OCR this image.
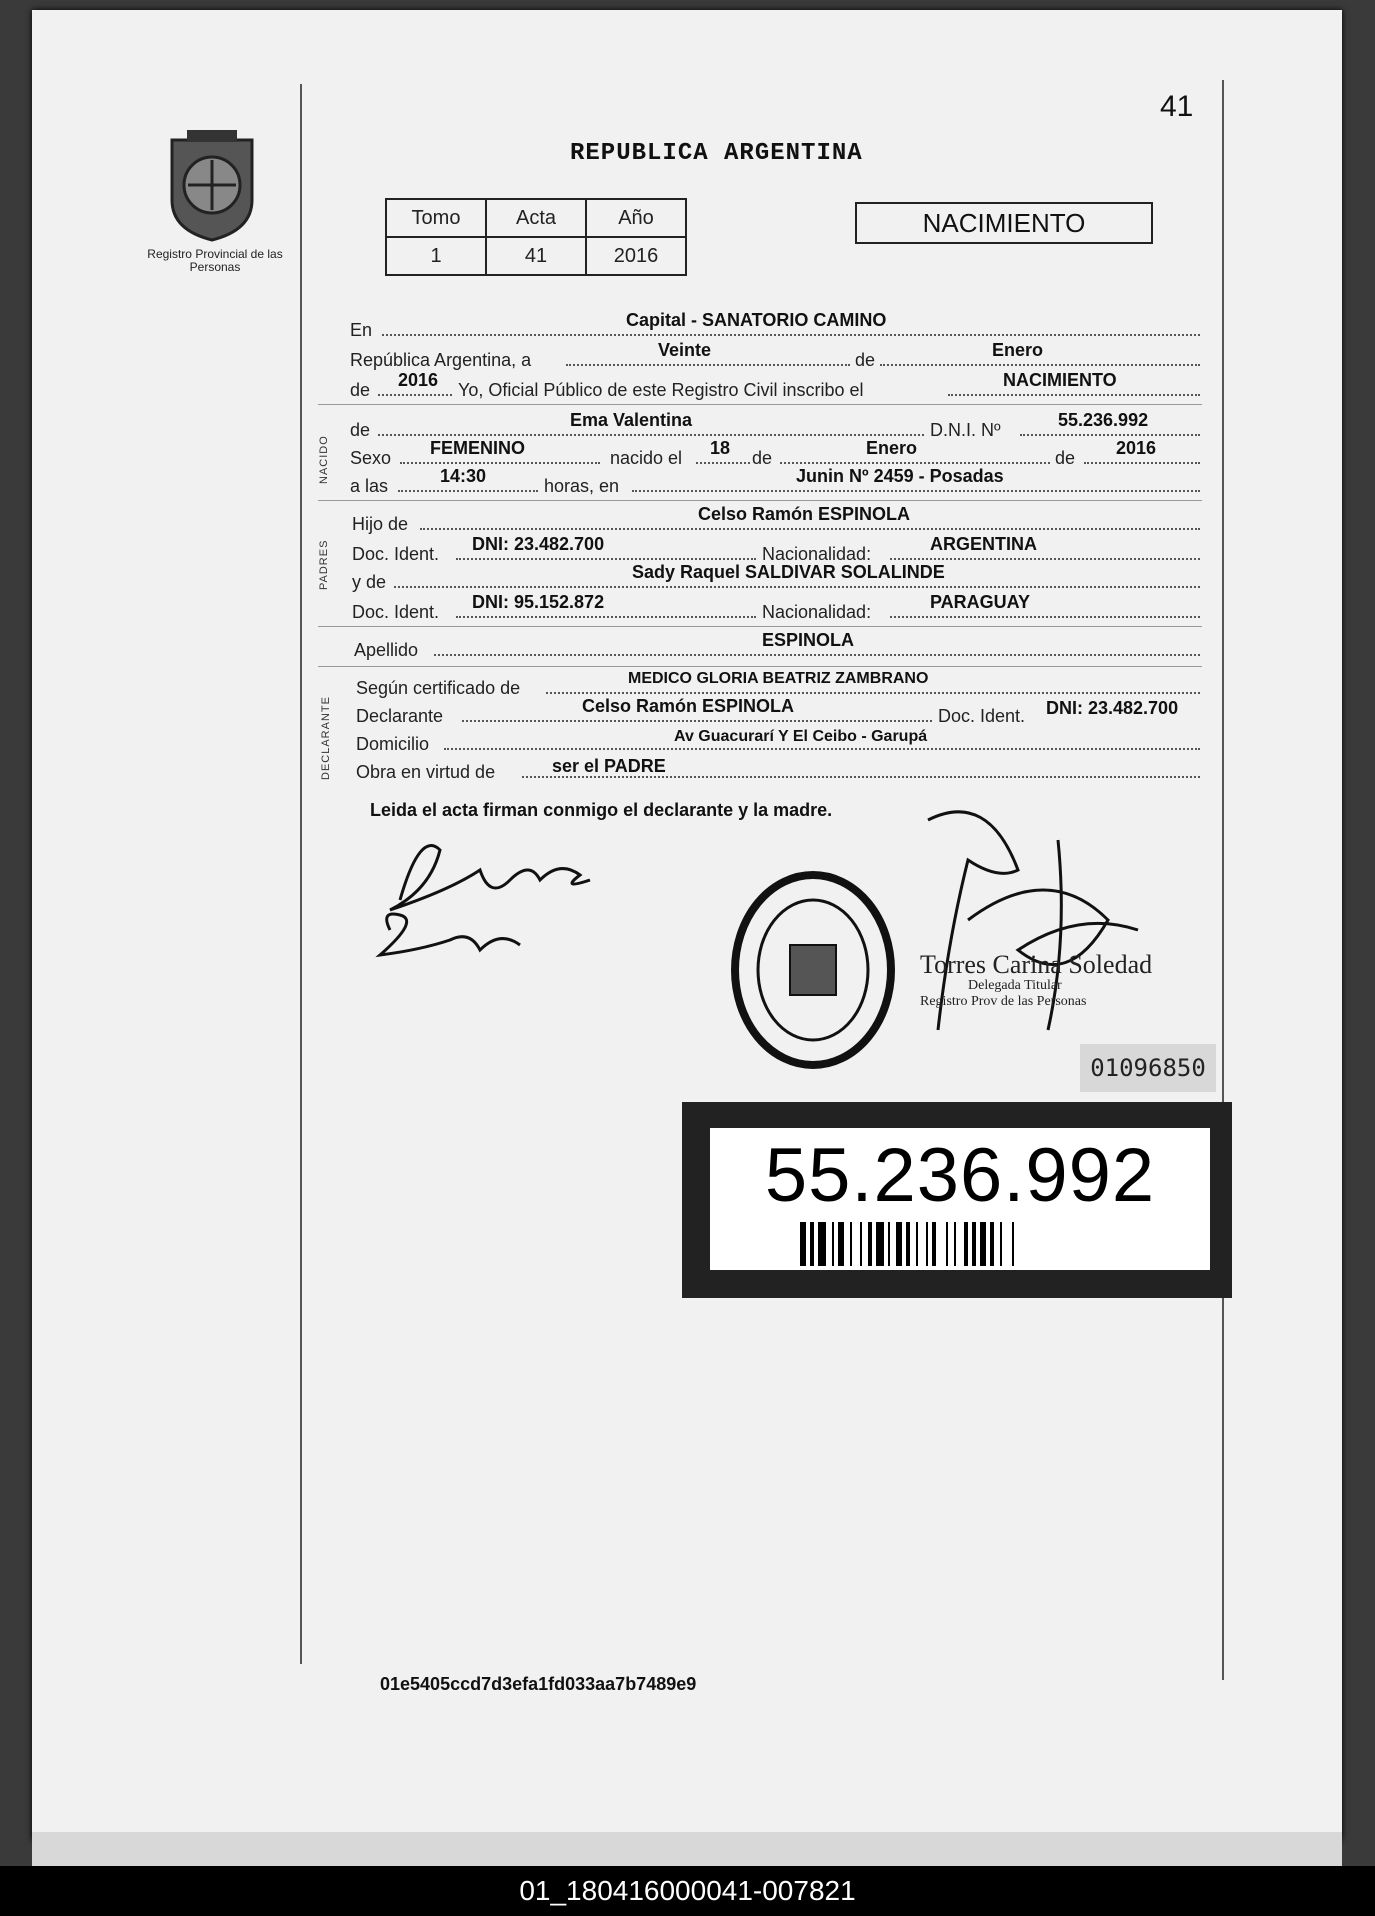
41
REPUBLICA ARGENTINA
Registro Provincial de las Personas
Tomo	Acta	Año
1	41	2016
NACIMIENTO
En	Capital - SANATORIO CAMINO
República Argentina, a	Veinte	de	Enero
de 2016 Yo, Oficial Público de este Registro Civil inscribo el	NACIMIENTO
NACIDO
de	Ema Valentina	D.N.I. Nº	55.236.992
Sexo FEMENINO	nacido el 18 de	Enero	de 2016
a las	14:30	horas, en	Junin Nº 2459 - Posadas
PADRES
Hijo de	Celso Ramón ESPINOLA
Doc. Ident. DNI: 23.482.700	Nacionalidad:	ARGENTINA
y de	Sady Raquel SALDIVAR SOLALINDE
Doc. Ident. DNI: 95.152.872	Nacionalidad:	PARAGUAY
Apellido	ESPINOLA
DECLARANTE
Según certificado de	MEDICO GLORIA BEATRIZ ZAMBRANO
Declarante	Celso Ramón ESPINOLA	Doc. Ident. DNI: 23.482.700
Domicilio	Av Guacurarí Y El Ceibo - Garupá
Obra en virtud de	ser el PADRE
Leida el acta firman conmigo el declarante y la madre.
Torres Carina Soledad
Delegada Titular
Registro Prov de las Personas
01096850
55.236.992
01e5405ccd7d3efa1fd033aa7b7489e9
01_180416000041-007821
